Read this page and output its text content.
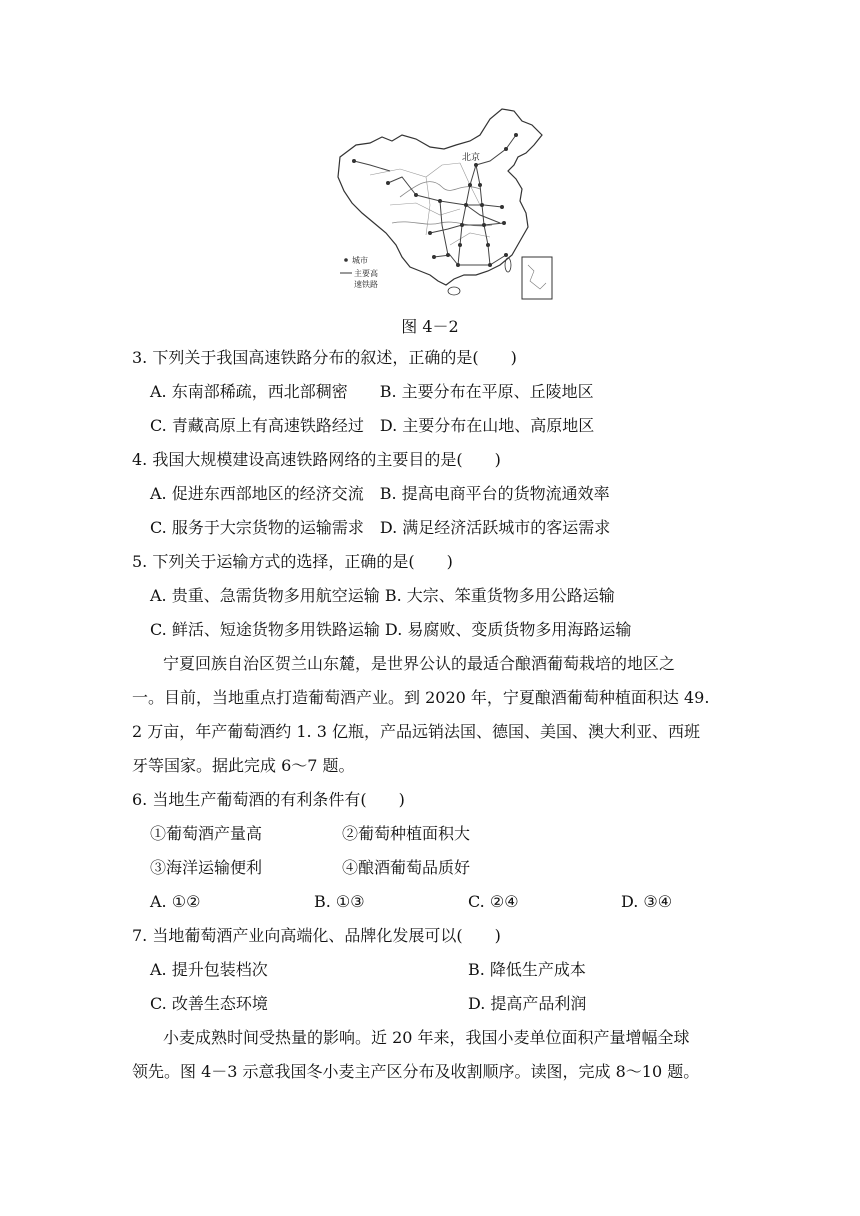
北京
城市
主要高
速铁路
图 4－2
3. 下列关于我国高速铁路分布的叙述，正确的是(　　)
A. 东南部稀疏，西北部稠密　　B. 主要分布在平原、丘陵地区
C. 青藏高原上有高速铁路经过　D. 主要分布在山地、高原地区
4. 我国大规模建设高速铁路网络的主要目的是(　　)
A. 促进东西部地区的经济交流　B. 提高电商平台的货物流通效率
C. 服务于大宗货物的运输需求　D. 满足经济活跃城市的客运需求
5. 下列关于运输方式的选择，正确的是(　　)
A. 贵重、急需货物多用航空运输 B. 大宗、笨重货物多用公路运输
C. 鲜活、短途货物多用铁路运输 D. 易腐败、变质货物多用海路运输
宁夏回族自治区贺兰山东麓，是世界公认的最适合酿酒葡萄栽培的地区之
一。目前，当地重点打造葡萄酒产业。到 2020 年，宁夏酿酒葡萄种植面积达 49.
2 万亩，年产葡萄酒约 1. 3 亿瓶，产品远销法国、德国、美国、澳大利亚、西班
牙等国家。据此完成 6～7 题。
6. 当地生产葡萄酒的有利条件有(　　)
①葡萄酒产量高	②葡萄种植面积大
③海洋运输便利	④酿酒葡萄品质好
A. ①②	B. ①③	C. ②④	D. ③④
7. 当地葡萄酒产业向高端化、品牌化发展可以(　　)
A. 提升包装档次	B. 降低生产成本
C. 改善生态环境	D. 提高产品利润
小麦成熟时间受热量的影响。近 20 年来，我国小麦单位面积产量增幅全球
领先。图 4－3 示意我国冬小麦主产区分布及收割顺序。读图，完成 8～10 题。
